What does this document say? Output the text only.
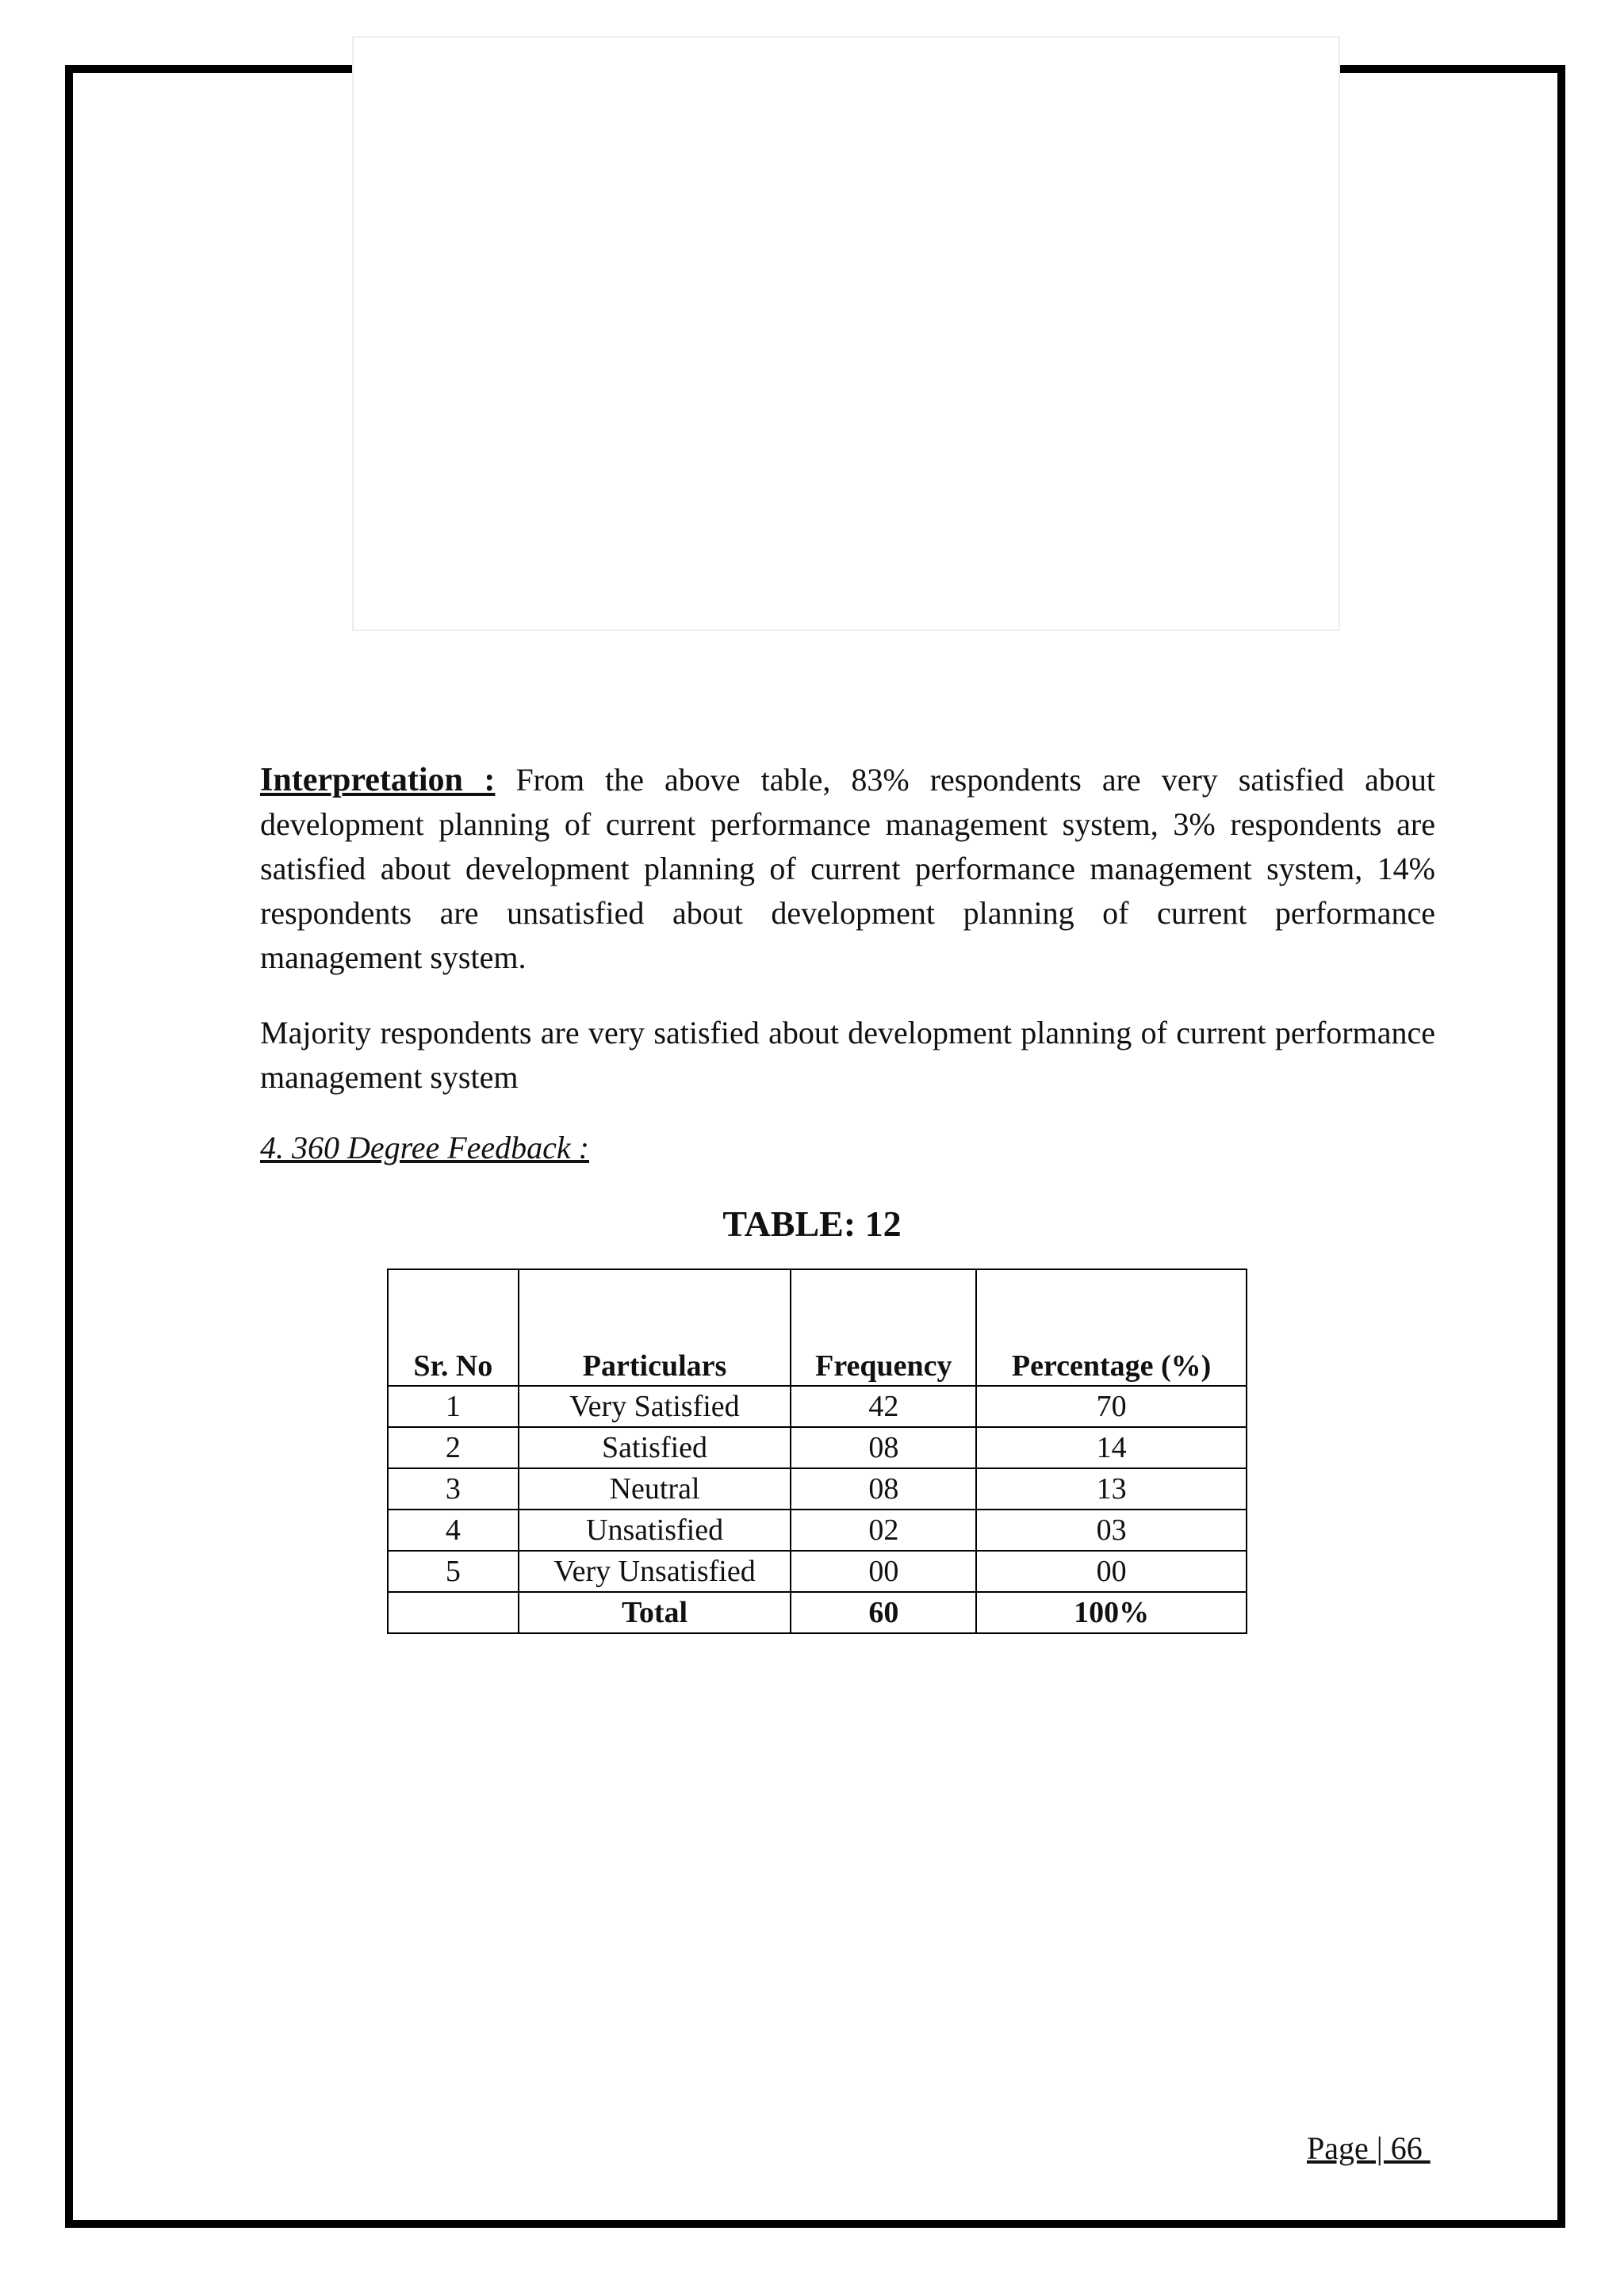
Interpretation : From the above table, 83% respondents are very satisfied about development planning of current performance management system, 3% respondents are satisfied about development planning of current performance management system, 14% respondents are unsatisfied about development planning of current performance management system.

Majority respondents are very satisfied about development planning of current performance management system

4. 360 Degree Feedback :
TABLE: 12
Sr. No	Particulars	Frequency	Percentage (%)
1	Very Satisfied	42	70
2	Satisfied	08	14
3	Neutral	08	13
4	Unsatisfied	02	03
5	Very Unsatisfied	00	00
	Total	60	100%
Page | 66
